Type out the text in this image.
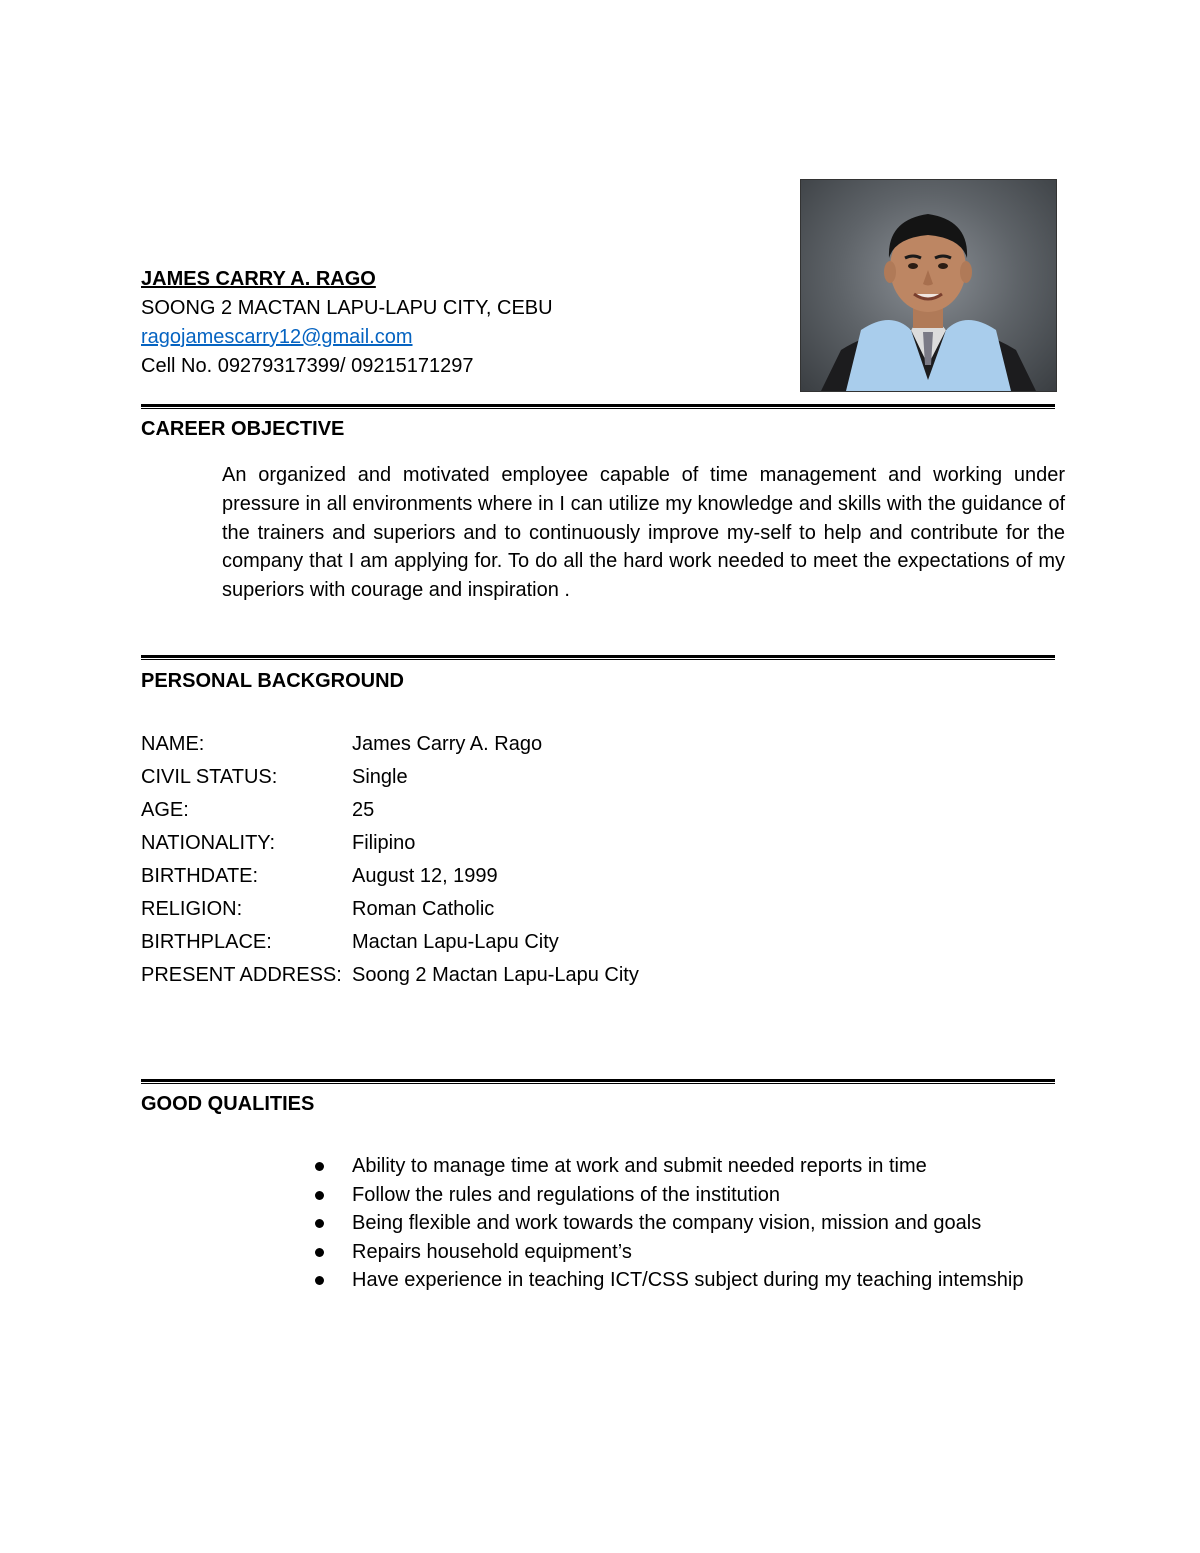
JAMES CARRY A. RAGO
SOONG 2 MACTAN LAPU-LAPU CITY, CEBU
ragojamescarry12@gmail.com
Cell No. 09279317399/ 09215171297
CAREER OBJECTIVE
An organized and motivated employee capable of time management and working under pressure in all environments where in I can utilize my knowledge and skills with the guidance of the trainers and superiors and to continuously improve my-self to help and contribute for the company that I am applying for. To do all the hard work needed to meet the expectations of my superiors with courage and inspiration .
PERSONAL BACKGROUND
NAME:	James Carry A. Rago
CIVIL STATUS:	Single
AGE:	25
NATIONALITY:	Filipino
BIRTHDATE:	August 12, 1999
RELIGION:	Roman Catholic
BIRTHPLACE:	Mactan Lapu-Lapu City
PRESENT ADDRESS: Soong 2 Mactan Lapu-Lapu City
GOOD QUALITIES
Ability to manage time at work and submit needed reports in time
Follow the rules and regulations of the institution
Being flexible and work towards the company vision, mission and goals
Repairs household equipment’s
Have experience in teaching ICT/CSS subject during my teaching intemship
